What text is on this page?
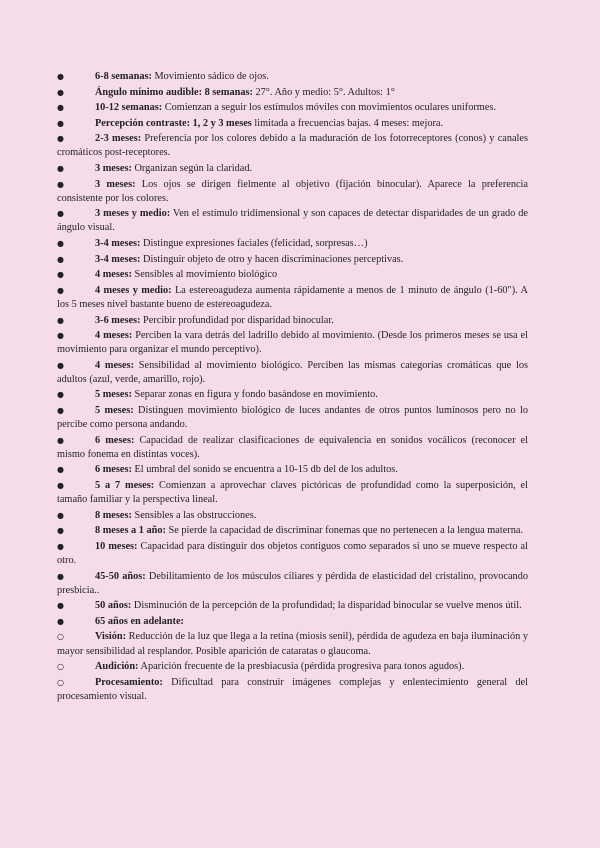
●	6-8 semanas: Movimiento sádico de ojos.
●	Ángulo mínimo audible: 8 semanas: 27°. Año y medio: 5°. Adultos: 1°
●	10-12 semanas: Comienzan a seguir los estímulos móviles con movimientos oculares uniformes.
●	Percepción contraste: 1, 2 y 3 meses limitada a frecuencias bajas. 4 meses: mejora.
●	2-3 meses: Preferencia por los colores debido a la maduración de los fotorreceptores (conos) y canales cromáticos post-receptores.
●	3 meses: Organizan según la claridad.
●	3 meses: Los ojos se dirigen fielmente al objetivo (fijación binocular). Aparece la preferencia consistente por los colores.
●	3 meses y medio: Ven el estímulo tridimensional y son capaces de detectar disparidades de un grado de ángulo visual.
●	3-4 meses: Distingue expresiones faciales (felicidad, sorpresas…)
●	3-4 meses: Distinguir objeto de otro y hacen discriminaciones perceptivas.
●	4 meses: Sensibles al movimiento biológico
●	4 meses y medio: La estereoagudeza aumenta rápidamente a menos de 1 minuto de ángulo (1-60"). A los 5 meses nivel bastante bueno de estereoagudeza.
●	3-6 meses: Percibir profundidad por disparidad binocular.
●	4 meses: Perciben la vara detrás del ladrillo debido al movimiento. (Desde los primeros meses se usa el movimiento para organizar el mundo perceptivo).
●	4 meses: Sensibilidad al movimiento biológico. Perciben las mismas categorías cromáticas que los adultos (azul, verde, amarillo, rojo).
●	5 meses: Separar zonas en figura y fondo basándose en movimiento.
●	5 meses: Distinguen movimiento biológico de luces andantes de otros puntos luminosos pero no lo percibe como persona andando.
●	6 meses: Capacidad de realizar clasificaciones de equivalencia en sonidos vocálicos (reconocer el mismo fonema en distintas voces).
●	6 meses: El umbral del sonido se encuentra a 10-15 db del de los adultos.
●	5 a 7 meses: Comienzan a aprovechar claves pictóricas de profundidad como la superposición, el tamaño familiar y la perspectiva lineal.
●	8 meses: Sensibles a las obstrucciones.
●	8 meses a 1 año: Se pierde la capacidad de discriminar fonemas que no pertenecen a la lengua materna.
●	10 meses: Capacidad para distinguir dos objetos contiguos como separados si uno se mueve respecto al otro.
●	45-50 años: Debilitamiento de los músculos ciliares y pérdida de elasticidad del cristalino, provocando presbicia..
●	50 años: Disminución de la percepción de la profundidad; la disparidad binocular se vuelve menos útil.
●	65 años en adelante:
○	Visión: Reducción de la luz que llega a la retina (miosis senil), pérdida de agudeza en baja iluminación y mayor sensibilidad al resplandor. Posible aparición de cataratas o glaucoma.
○	Audición: Aparición frecuente de la presbiacusia (pérdida progresiva para tonos agudos).
○	Procesamiento: Dificultad para construir imágenes complejas y enlentecimiento general del procesamiento visual.
